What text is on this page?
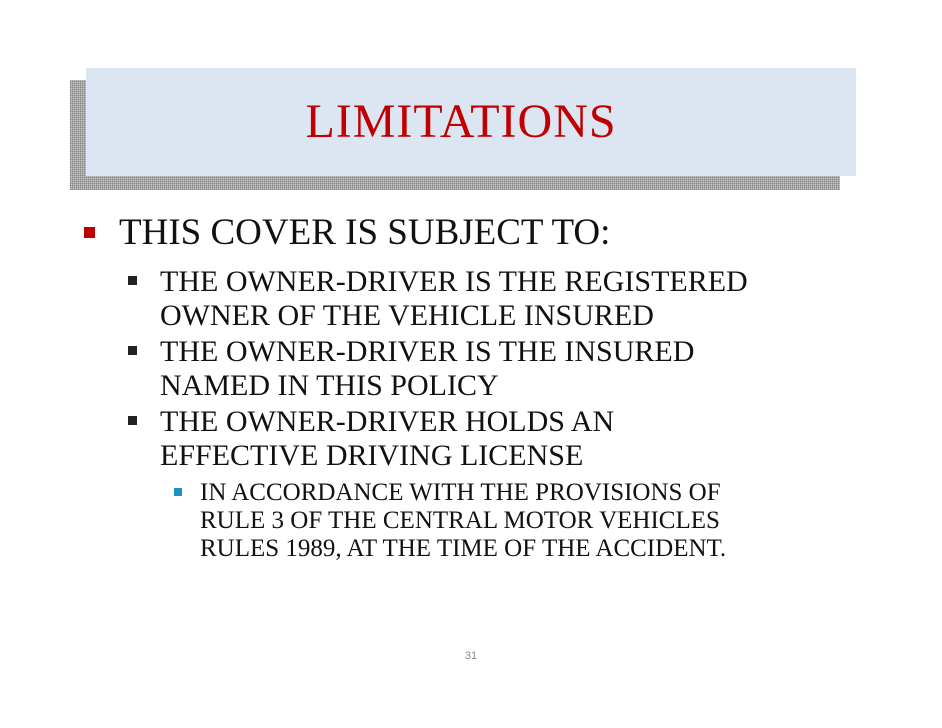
LIMITATIONS
THIS COVER IS SUBJECT TO:
THE OWNER-DRIVER IS THE REGISTERED
OWNER OF THE VEHICLE INSURED
THE OWNER-DRIVER IS THE INSURED
NAMED IN THIS POLICY
THE OWNER-DRIVER HOLDS AN
EFFECTIVE DRIVING LICENSE
IN ACCORDANCE WITH THE PROVISIONS OF
RULE 3 OF THE CENTRAL MOTOR VEHICLES
RULES 1989, AT THE TIME OF THE ACCIDENT.
31
